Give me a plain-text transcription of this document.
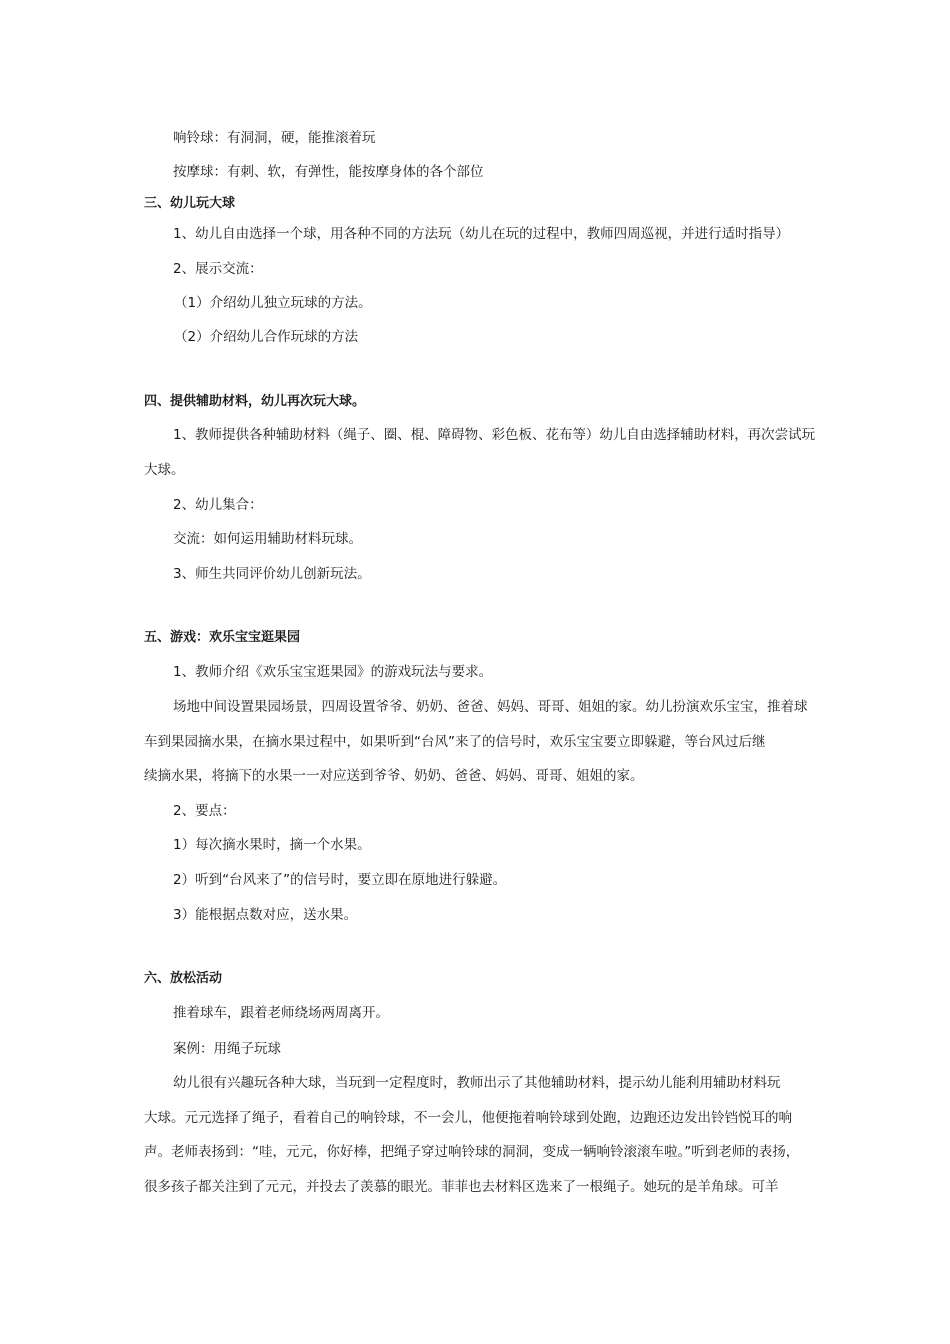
响铃球：有洞洞，硬，能推滚着玩
按摩球：有刺、软，有弹性，能按摩身体的各个部位
三、幼儿玩大球
1、幼儿自由选择一个球，用各种不同的方法玩（幼儿在玩的过程中，教师四周巡视，并进行适时指导）
2、展示交流：
（1）介绍幼儿独立玩球的方法。
（2）介绍幼儿合作玩球的方法
四、提供辅助材料，幼儿再次玩大球。
1、教师提供各种辅助材料（绳子、圈、棍、障碍物、彩色板、花布等）幼儿自由选择辅助材料，再次尝试玩
大球。
2、幼儿集合：
交流：如何运用辅助材料玩球。
3、师生共同评价幼儿创新玩法。
五、游戏：欢乐宝宝逛果园
1、教师介绍《欢乐宝宝逛果园》的游戏玩法与要求。
场地中间设置果园场景，四周设置爷爷、奶奶、爸爸、妈妈、哥哥、姐姐的家。幼儿扮演欢乐宝宝，推着球
车到果园摘水果，在摘水果过程中，如果听到“台风”来了的信号时，欢乐宝宝要立即躲避，等台风过后继
续摘水果，将摘下的水果一一对应送到爷爷、奶奶、爸爸、妈妈、哥哥、姐姐的家。
2、要点：
1）每次摘水果时，摘一个水果。
2）听到“台风来了”的信号时，要立即在原地进行躲避。
3）能根据点数对应，送水果。
六、放松活动
推着球车，跟着老师绕场两周离开。
案例：用绳子玩球
幼儿很有兴趣玩各种大球，当玩到一定程度时，教师出示了其他辅助材料，提示幼儿能利用辅助材料玩
大球。元元选择了绳子，看着自己的响铃球，不一会儿，他便拖着响铃球到处跑，边跑还边发出铃铛悦耳的响
声。老师表扬到：“哇，元元，你好棒，把绳子穿过响铃球的洞洞，变成一辆响铃滚滚车啦。”听到老师的表扬，
很多孩子都关注到了元元，并投去了羡慕的眼光。菲菲也去材料区选来了一根绳子。她玩的是羊角球。可羊
